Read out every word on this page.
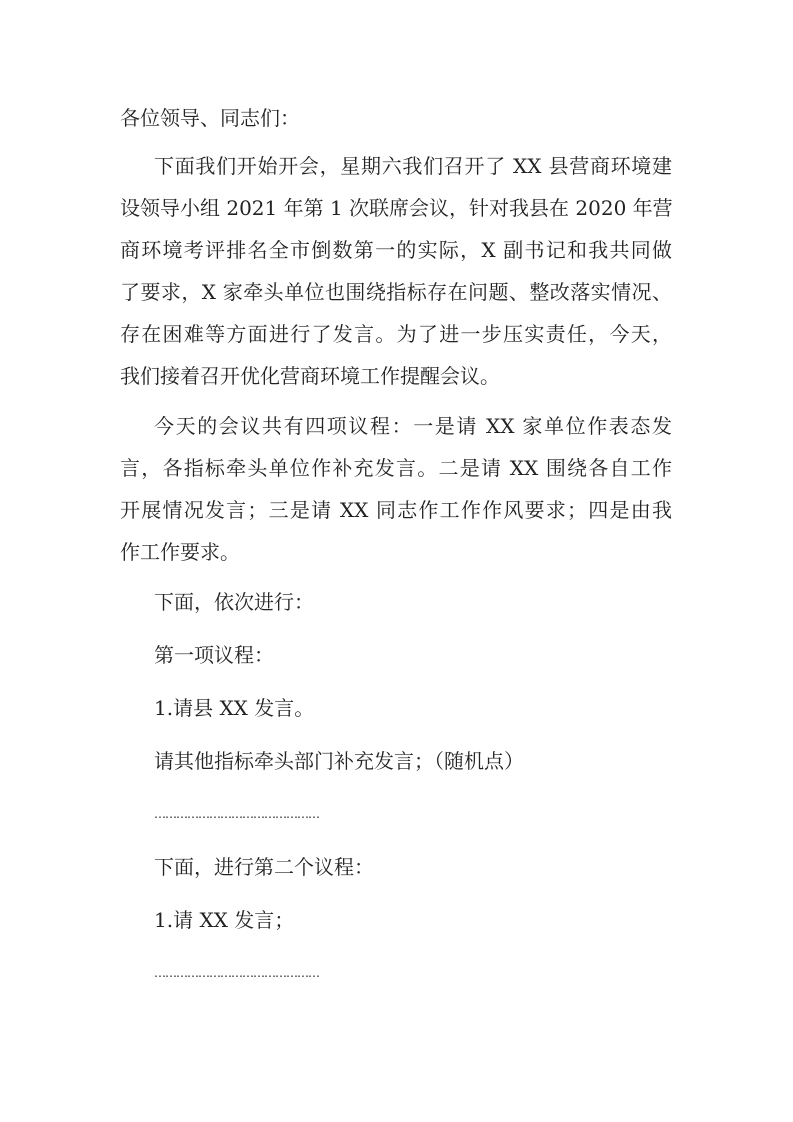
各位领导、同志们：
下面我们开始开会，星期六我们召开了 XX 县营商环境建
设领导小组 2021 年第 1 次联席会议，针对我县在 2020 年营
商环境考评排名全市倒数第一的实际，X 副书记和我共同做
了要求，X 家牵头单位也围绕指标存在问题、整改落实情况、
存在困难等方面进行了发言。为了进一步压实责任，今天，
我们接着召开优化营商环境工作提醒会议。
今天的会议共有四项议程：一是请 XX 家单位作表态发
言，各指标牵头单位作补充发言。二是请 XX 围绕各自工作
开展情况发言；三是请 XX 同志作工作作风要求；四是由我
作工作要求。
下面，依次进行：
第一项议程：
1.请县 XX 发言。
请其他指标牵头部门补充发言；（随机点）
………………………………………
下面，进行第二个议程：
1.请 XX 发言；
………………………………………
